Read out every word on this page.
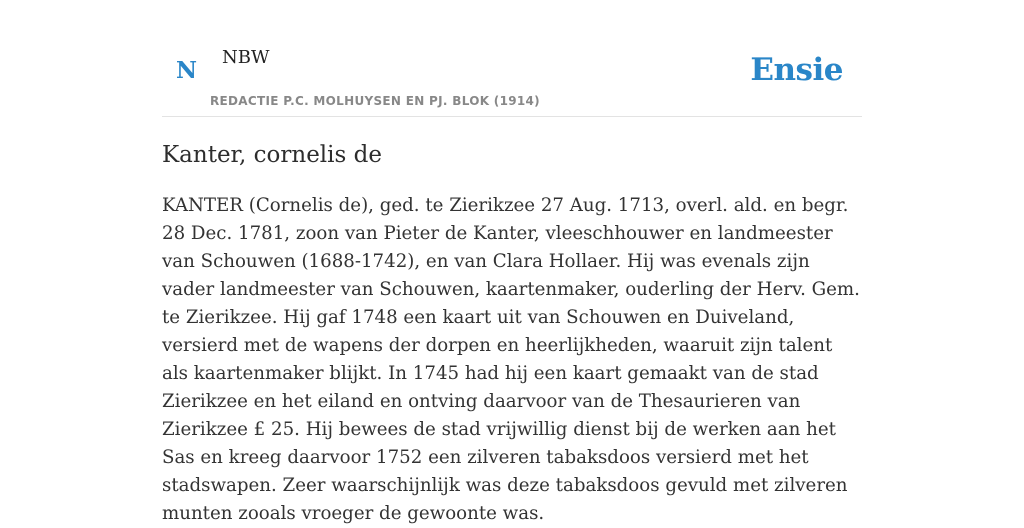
N NBW	Ensie
REDACTIE P.C. MOLHUYSEN EN PJ. BLOK (1914)
Kanter, cornelis de

KANTER (Cornelis de), ged. te Zierikzee 27 Aug. 1713, overl. ald. en begr. 28 Dec. 1781, zoon van Pieter de Kanter, vleeschhouwer en landmeester van Schouwen (1688-1742), en van Clara Hollaer. Hij was evenals zijn vader landmeester van Schouwen, kaartenmaker, ouderling der Herv. Gem. te Zierikzee. Hij gaf 1748 een kaart uit van Schouwen en Duiveland, versierd met de wapens der dorpen en heerlijkheden, waaruit zijn talent als kaartenmaker blijkt. In 1745 had hij een kaart gemaakt van de stad Zierikzee en het eiland en ontving daarvoor van de Thesaurieren van Zierikzee £ 25. Hij bewees de stad vrijwillig dienst bij de werken aan het Sas en kreeg daarvoor 1752 een zilveren tabaksdoos versierd met het stadswapen. Zeer waarschijnlijk was deze tabaksdoos gevuld met zilveren munten zooals vroeger de gewoonte was.
